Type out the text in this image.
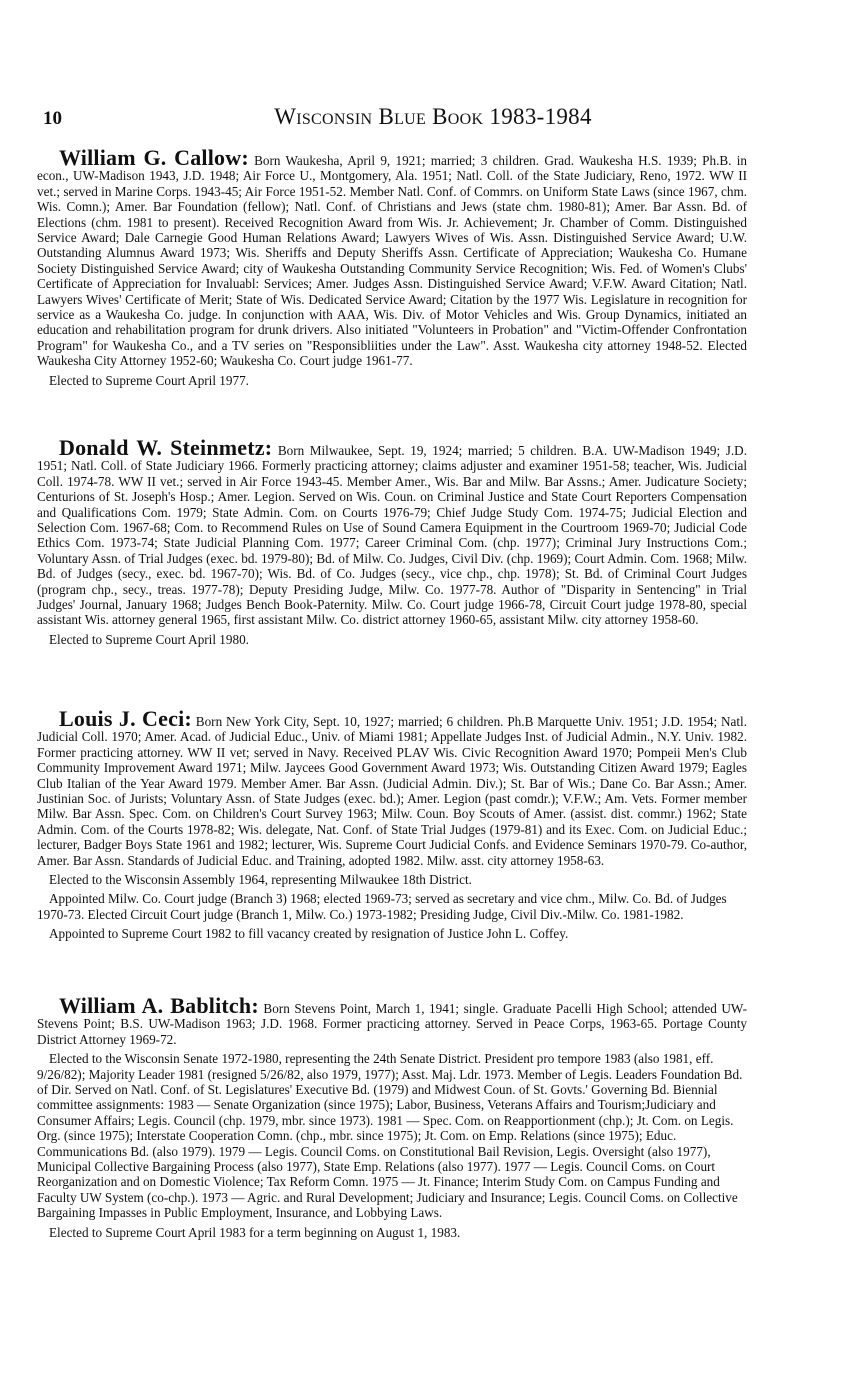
10	Wisconsin Blue Book 1983-1984

William G. Callow: Born Waukesha, April 9, 1921; married; 3 children. Grad. Waukesha H.S. 1939; Ph.B. in econ., UW-Madison 1943, J.D. 1948; Air Force U., Montgomery, Ala. 1951; Natl. Coll. of the State Judiciary, Reno, 1972. WW II vet.; served in Marine Corps. 1943-45; Air Force 1951-52. Member Natl. Conf. of Commrs. on Uniform State Laws (since 1967, chm. Wis. Comn.); Amer. Bar Foundation (fellow); Natl. Conf. of Christians and Jews (state chm. 1980-81); Amer. Bar Assn. Bd. of Elections (chm. 1981 to present). Received Recognition Award from Wis. Jr. Achievement; Jr. Chamber of Comm. Distinguished Service Award; Dale Carnegie Good Human Relations Award; Lawyers Wives of Wis. Assn. Distinguished Service Award; U.W. Outstanding Alumnus Award 1973; Wis. Sheriffs and Deputy Sheriffs Assn. Certificate of Appreciation; Waukesha Co. Humane Society Distinguished Service Award; city of Waukesha Outstanding Community Service Recognition; Wis. Fed. of Women's Clubs' Certificate of Appreciation for Invaluabl: Services; Amer. Judges Assn. Distinguished Service Award; V.F.W. Award Citation; Natl. Lawyers Wives' Certificate of Merit; State of Wis. Dedicated Service Award; Citation by the 1977 Wis. Legislature in recognition for service as a Waukesha Co. judge. In conjunction with AAA, Wis. Div. of Motor Vehicles and Wis. Group Dynamics, initiated an education and rehabilitation program for drunk drivers. Also initiated "Volunteers in Probation" and "Victim-Offender Confrontation Program" for Waukesha Co., and a TV series on "Responsibliities under the Law". Asst. Waukesha city attorney 1948-52. Elected Waukesha City Attorney 1952-60; Waukesha Co. Court judge 1961-77.

Elected to Supreme Court April 1977.

Donald W. Steinmetz: Born Milwaukee, Sept. 19, 1924; married; 5 children. B.A. UW-Madison 1949; J.D. 1951; Natl. Coll. of State Judiciary 1966. Formerly practicing attorney; claims adjuster and examiner 1951-58; teacher, Wis. Judicial Coll. 1974-78. WW II vet.; served in Air Force 1943-45. Member Amer., Wis. Bar and Milw. Bar Assns.; Amer. Judicature Society; Centurions of St. Joseph's Hosp.; Amer. Legion. Served on Wis. Coun. on Criminal Justice and State Court Reporters Compensation and Qualifications Com. 1979; State Admin. Com. on Courts 1976-79; Chief Judge Study Com. 1974-75; Judicial Election and Selection Com. 1967-68; Com. to Recommend Rules on Use of Sound Camera Equipment in the Courtroom 1969-70; Judicial Code Ethics Com. 1973-74; State Judicial Planning Com. 1977; Career Criminal Com. (chp. 1977); Criminal Jury Instructions Com.; Voluntary Assn. of Trial Judges (exec. bd. 1979-80); Bd. of Milw. Co. Judges, Civil Div. (chp. 1969); Court Admin. Com. 1968; Milw. Bd. of Judges (secy., exec. bd. 1967-70); Wis. Bd. of Co. Judges (secy., vice chp., chp. 1978); St. Bd. of Criminal Court Judges (program chp., secy., treas. 1977-78); Deputy Presiding Judge, Milw. Co. 1977-78. Author of "Disparity in Sentencing" in Trial Judges' Journal, January 1968; Judges Bench Book-Paternity. Milw. Co. Court judge 1966-78, Circuit Court judge 1978-80, special assistant Wis. attorney general 1965, first assistant Milw. Co. district attorney 1960-65, assistant Milw. city attorney 1958-60.

Elected to Supreme Court April 1980.

Louis J. Ceci: Born New York City, Sept. 10, 1927; married; 6 children. Ph.B Marquette Univ. 1951; J.D. 1954; Natl. Judicial Coll. 1970; Amer. Acad. of Judicial Educ., Univ. of Miami 1981; Appellate Judges Inst. of Judicial Admin., N.Y. Univ. 1982. Former practicing attorney. WW II vet; served in Navy. Received PLAV Wis. Civic Recognition Award 1970; Pompeii Men's Club Community Improvement Award 1971; Milw. Jaycees Good Government Award 1973; Wis. Outstanding Citizen Award 1979; Eagles Club Italian of the Year Award 1979. Member Amer. Bar Assn. (Judicial Admin. Div.); St. Bar of Wis.; Dane Co. Bar Assn.; Amer. Justinian Soc. of Jurists; Voluntary Assn. of State Judges (exec. bd.); Amer. Legion (past comdr.); V.F.W.; Am. Vets. Former member Milw. Bar Assn. Spec. Com. on Children's Court Survey 1963; Milw. Coun. Boy Scouts of Amer. (assist. dist. commr.) 1962; State Admin. Com. of the Courts 1978-82; Wis. delegate, Nat. Conf. of State Trial Judges (1979-81) and its Exec. Com. on Judicial Educ.; lecturer, Badger Boys State 1961 and 1982; lecturer, Wis. Supreme Court Judicial Confs. and Evidence Seminars 1970-79. Co-author, Amer. Bar Assn. Standards of Judicial Educ. and Training, adopted 1982. Milw. asst. city attorney 1958-63.

Elected to the Wisconsin Assembly 1964, representing Milwaukee 18th District.

Appointed Milw. Co. Court judge (Branch 3) 1968; elected 1969-73; served as secretary and vice chm., Milw. Co. Bd. of Judges 1970-73. Elected Circuit Court judge (Branch 1, Milw. Co.) 1973-1982; Presiding Judge, Civil Div.-Milw. Co. 1981-1982.

Appointed to Supreme Court 1982 to fill vacancy created by resignation of Justice John L. Coffey.

William A. Bablitch: Born Stevens Point, March 1, 1941; single. Graduate Pacelli High School; attended UW-Stevens Point; B.S. UW-Madison 1963; J.D. 1968. Former practicing attorney. Served in Peace Corps, 1963-65. Portage County District Attorney 1969-72.

Elected to the Wisconsin Senate 1972-1980, representing the 24th Senate District. President pro tempore 1983 (also 1981, eff. 9/26/82); Majority Leader 1981 (resigned 5/26/82, also 1979, 1977); Asst. Maj. Ldr. 1973. Member of Legis. Leaders Foundation Bd. of Dir. Served on Natl. Conf. of St. Legislatures' Executive Bd. (1979) and Midwest Coun. of St. Govts.' Governing Bd. Biennial committee assignments: 1983 — Senate Organization (since 1975); Labor, Business, Veterans Affairs and Tourism;Judiciary and Consumer Affairs; Legis. Council (chp. 1979, mbr. since 1973). 1981 — Spec. Com. on Reapportionment (chp.); Jt. Com. on Legis. Org. (since 1975); Interstate Cooperation Comn. (chp., mbr. since 1975); Jt. Com. on Emp. Relations (since 1975); Educ. Communications Bd. (also 1979). 1979 — Legis. Council Coms. on Constitutional Bail Revision, Legis. Oversight (also 1977), Municipal Collective Bargaining Process (also 1977), State Emp. Relations (also 1977). 1977 — Legis. Council Coms. on Court Reorganization and on Domestic Violence; Tax Reform Comn. 1975 — Jt. Finance; Interim Study Com. on Campus Funding and Faculty UW System (co-chp.). 1973 — Agric. and Rural Development; Judiciary and Insurance; Legis. Council Coms. on Collective Bargaining Impasses in Public Employment, Insurance, and Lobbying Laws.

Elected to Supreme Court April 1983 for a term beginning on August 1, 1983.
